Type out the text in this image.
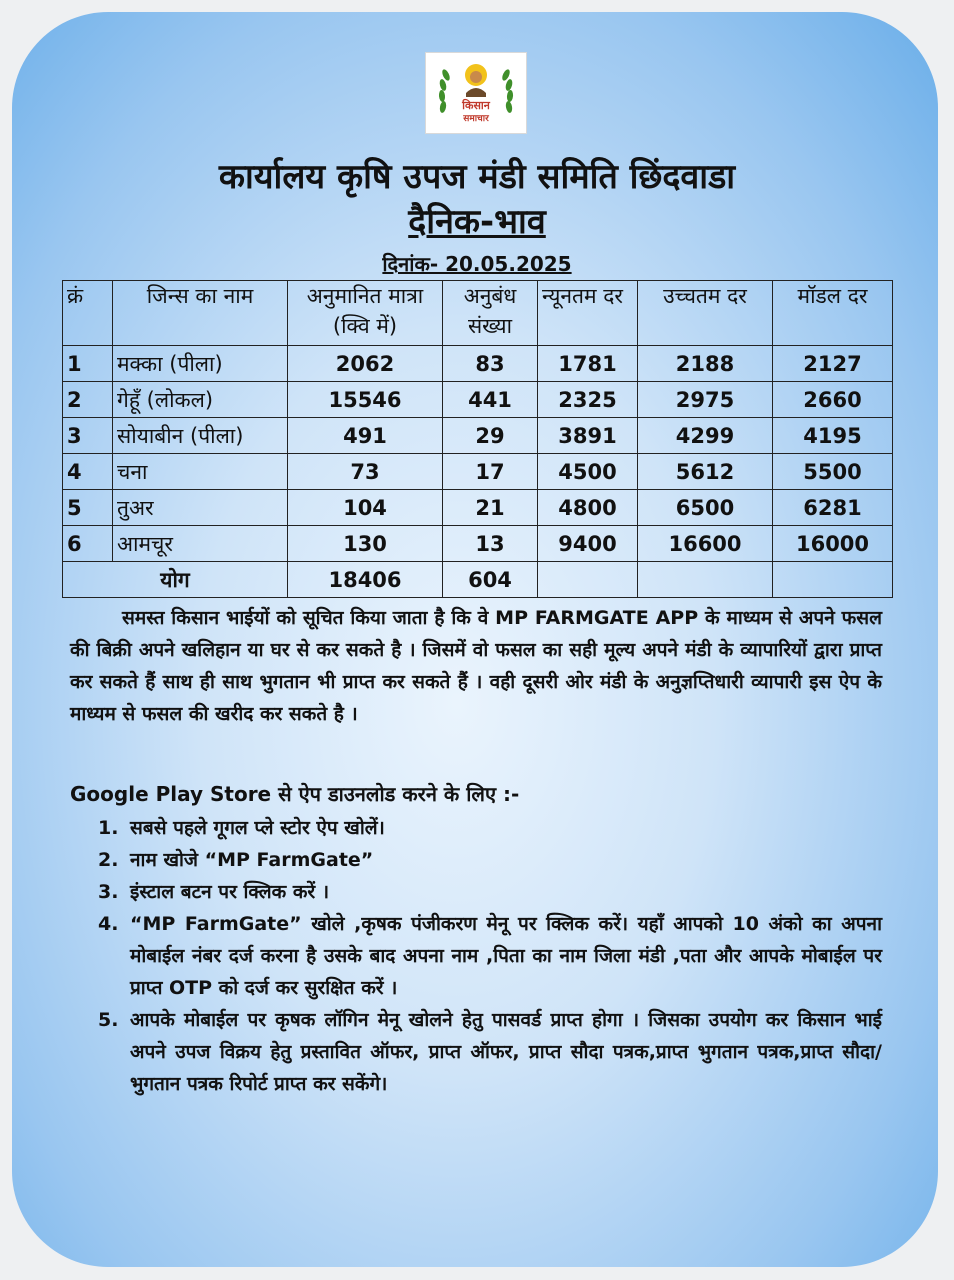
किसान
समाचार
कार्यालय कृषि उपज मंडी समिति छिंदवाडा
दैनिक-भाव
दिनांक- 20.05.2025
क्रं	जिन्स का नाम	अनुमानित मात्रा (क्वि में)	अनुबंध संख्या	न्यूनतम दर	उच्चतम दर	मॉडल दर
1	मक्का (पीला)	2062	83	1781	2188	2127
2	गेहूँ (लोकल)	15546	441	2325	2975	2660
3	सोयाबीन (पीला)	491	29	3891	4299	4195
4	चना	73	17	4500	5612	5500
5	तुअर	104	21	4800	6500	6281
6	आमचूर	130	13	9400	16600	16000
योग		18406	604			

समस्त किसान भाईयों को सूचित किया जाता है कि वे MP FARMGATE APP के माध्यम से अपने फसल की बिक्री अपने खलिहान या घर से कर सकते है । जिसमें वो फसल का सही मूल्य अपने मंडी के व्यापारियों द्वारा प्राप्त कर सकते हैं साथ ही साथ भुगतान भी प्राप्त कर सकते हैं । वही दूसरी ओर मंडी के अनुज्ञप्तिधारी व्यापारी इस ऐप के माध्यम से फसल की खरीद कर सकते है ।

Google Play Store से ऐप डाउनलोड करने के लिए :-

1. सबसे पहले गूगल प्ले स्टोर ऐप खोलें।
2. नाम खोजे “MP FarmGate”
3. इंस्टाल बटन पर क्लिक करें ।
4. “MP FarmGate” खोले ,कृषक पंजीकरण मेनू पर क्लिक करें। यहाँ आपको 10 अंको का अपना मोबाईल नंबर दर्ज करना है उसके बाद अपना नाम ,पिता का नाम जिला मंडी ,पता और आपके मोबाईल पर प्राप्त OTP को दर्ज कर सुरक्षित करें ।
5. आपके मोबाईल पर कृषक लॉगिन मेनू खोलने हेतु पासवर्ड प्राप्त होगा । जिसका उपयोग कर किसान भाई अपने उपज विक्रय हेतु प्रस्तावित ऑफर, प्राप्त ऑफर, प्राप्त सौदा पत्रक,प्राप्त भुगतान पत्रक,प्राप्त सौदा/भुगतान पत्रक रिपोर्ट प्राप्त कर सकेंगे।
